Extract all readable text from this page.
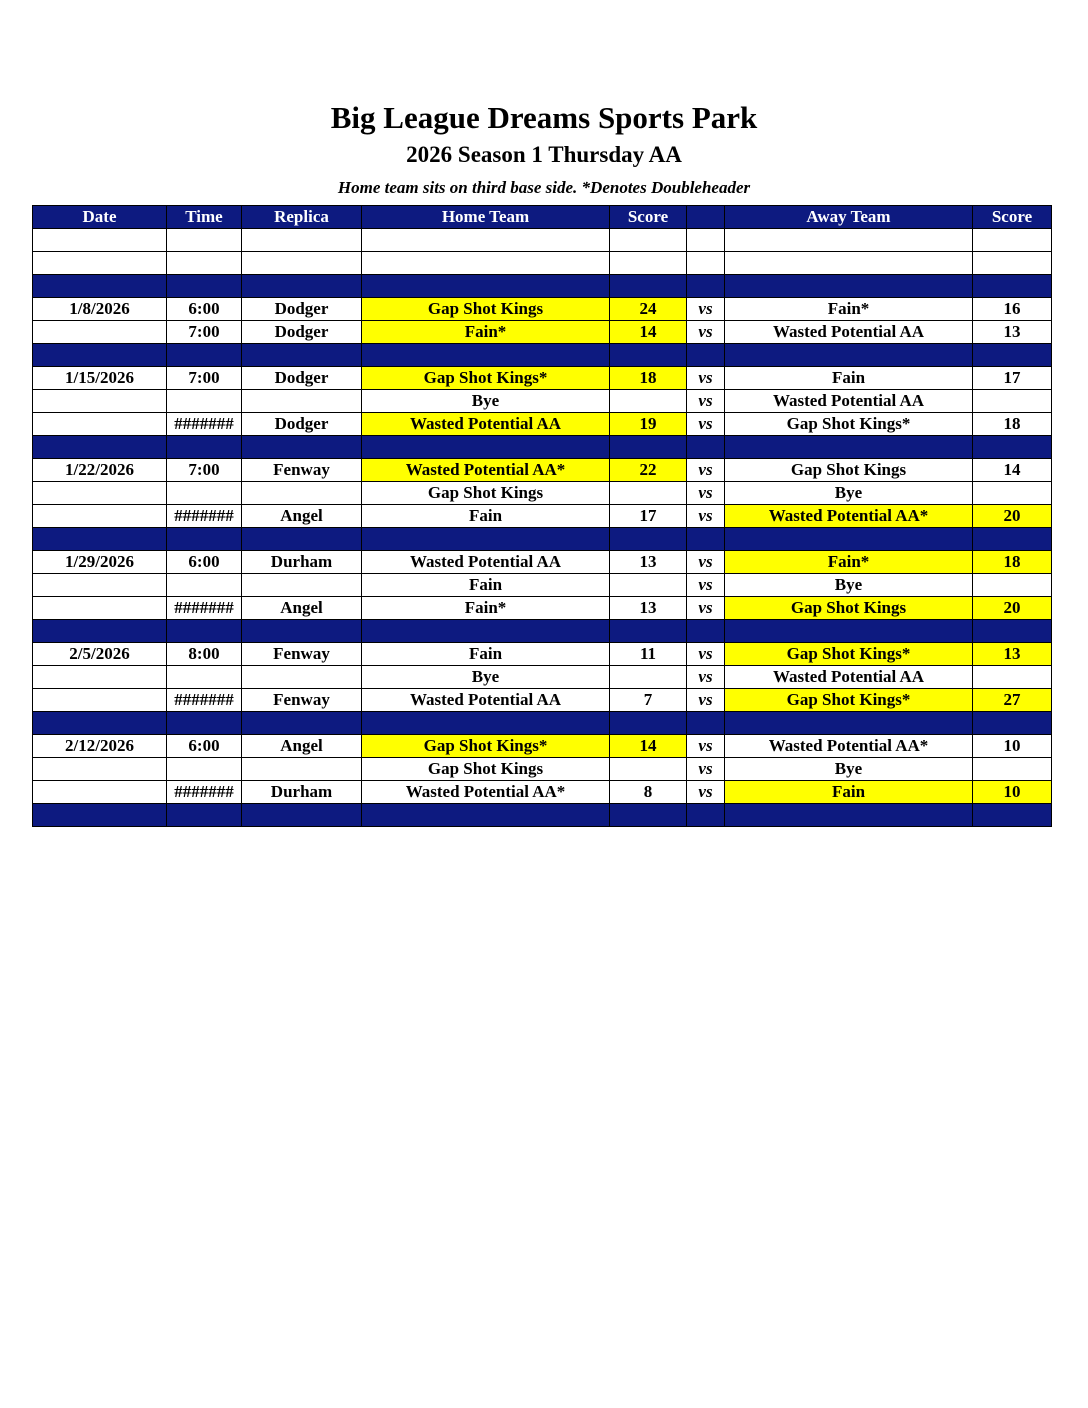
Big League Dreams Sports Park
2026 Season 1 Thursday AA
Home team sits on third base side. *Denotes Doubleheader
Date	Time	Replica	Home Team	Score		Away Team	Score

1/8/2026	6:00	Dodger	Gap Shot Kings	24	vs	Fain*	16
	7:00	Dodger	Fain*	14	vs	Wasted Potential AA	13

1/15/2026	7:00	Dodger	Gap Shot Kings*	18	vs	Fain	17
			Bye		vs	Wasted Potential AA	
	#######	Dodger	Wasted Potential AA	19	vs	Gap Shot Kings*	18

1/22/2026	7:00	Fenway	Wasted Potential AA*	22	vs	Gap Shot Kings	14
			Gap Shot Kings		vs	Bye	
	#######	Angel	Fain	17	vs	Wasted Potential AA*	20

1/29/2026	6:00	Durham	Wasted Potential AA	13	vs	Fain*	18
			Fain		vs	Bye	
	#######	Angel	Fain*	13	vs	Gap Shot Kings	20

2/5/2026	8:00	Fenway	Fain	11	vs	Gap Shot Kings*	13
			Bye		vs	Wasted Potential AA	
	#######	Fenway	Wasted Potential AA	7	vs	Gap Shot Kings*	27

2/12/2026	6:00	Angel	Gap Shot Kings*	14	vs	Wasted Potential AA*	10
			Gap Shot Kings		vs	Bye	
	#######	Durham	Wasted Potential AA*	8	vs	Fain	10
